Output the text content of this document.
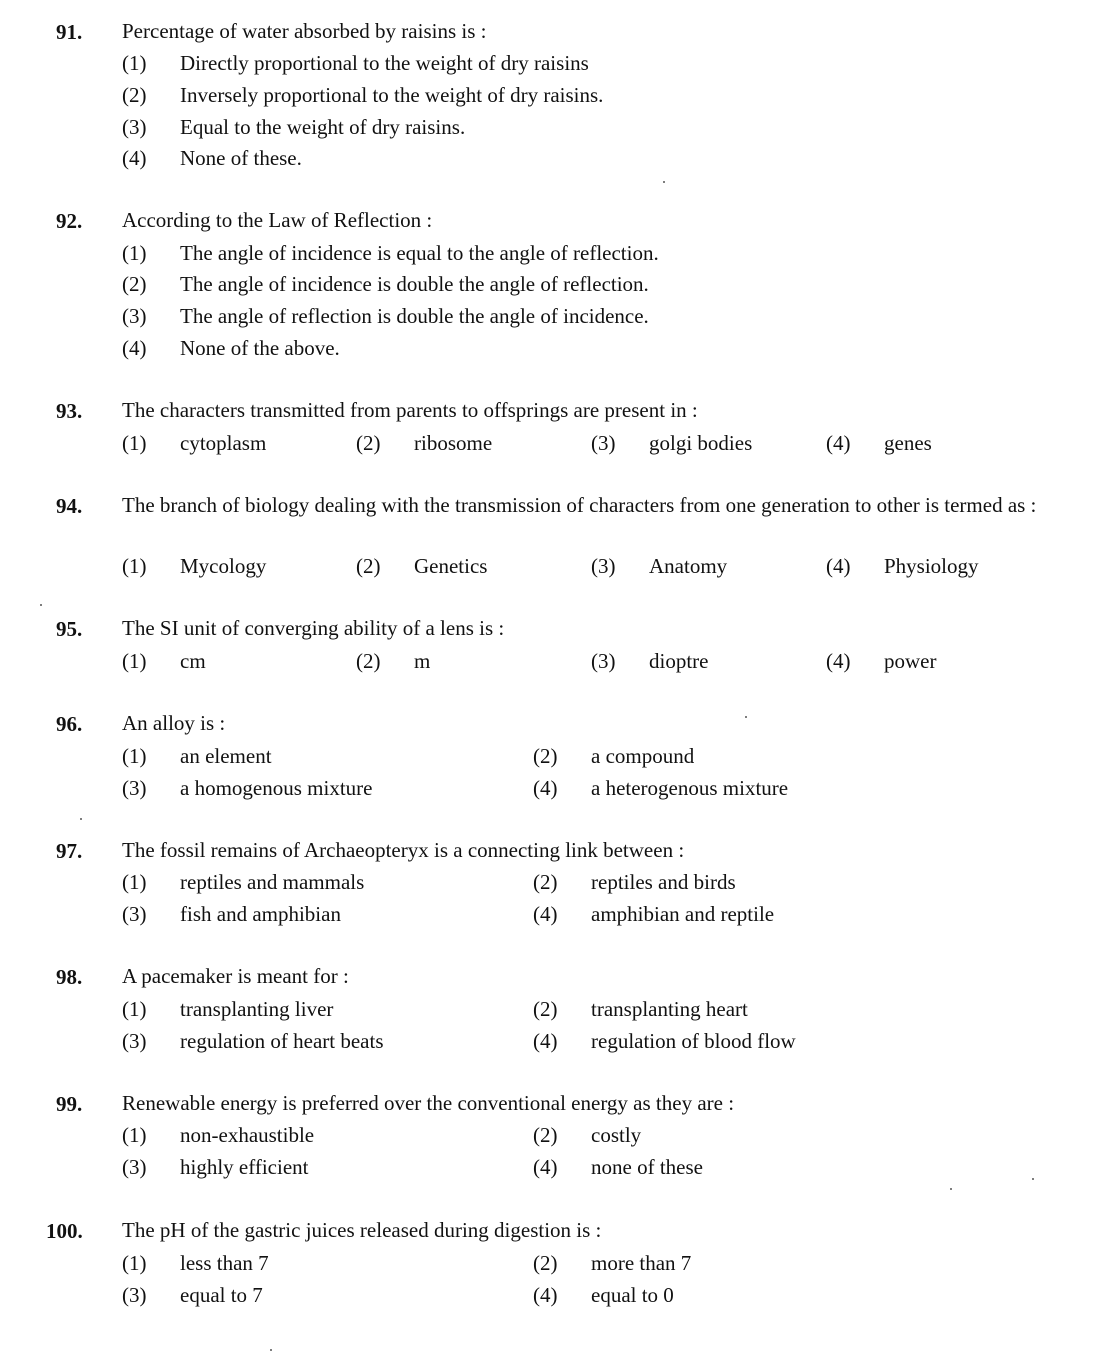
91.	Percentage of water absorbed by raisins is :
(1) Directly proportional to the weight of dry raisins
(2) Inversely proportional to the weight of dry raisins.
(3) Equal to the weight of dry raisins.
(4) None of these.
92.	According to the Law of Reflection :
(1) The angle of incidence is equal to the angle of reflection.
(2) The angle of incidence is double the angle of reflection.
(3) The angle of reflection is double the angle of incidence.
(4) None of the above.
93.	The characters transmitted from parents to offsprings are present in :
(1) cytoplasm	(2) ribosome	(3) golgi bodies	(4) genes
94.	The branch of biology dealing with the transmission of characters from one generation to other is termed as :
(1) Mycology	(2) Genetics	(3) Anatomy	(4) Physiology
95.	The SI unit of converging ability of a lens is :
(1) cm	(2) m	(3) dioptre	(4) power
96.	An alloy is :
(1) an element	(2) a compound
(3) a homogenous mixture	(4) a heterogenous mixture
97.	The fossil remains of Archaeopteryx is a connecting link between :
(1) reptiles and mammals	(2) reptiles and birds
(3) fish and amphibian	(4) amphibian and reptile
98.	A pacemaker is meant for :
(1) transplanting liver	(2) transplanting heart
(3) regulation of heart beats	(4) regulation of blood flow
99.	Renewable energy is preferred over the conventional energy as they are :
(1) non-exhaustible	(2) costly
(3) highly efficient	(4) none of these
100.	The pH of the gastric juices released during digestion is :
(1) less than 7	(2) more than 7
(3) equal to 7	(4) equal to 0
